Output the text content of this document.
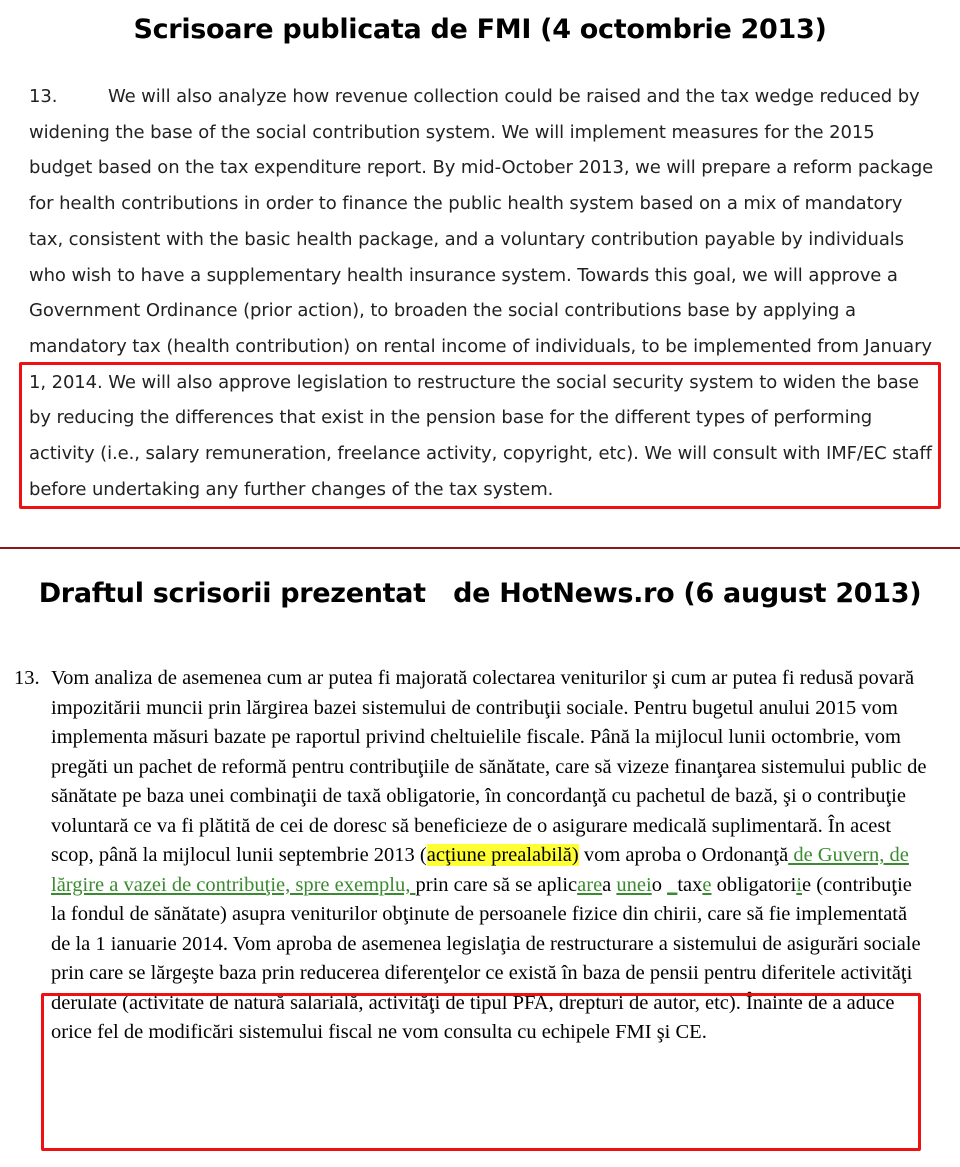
Scrisoare publicata de FMI (4 octombrie 2013)

13.	We will also analyze how revenue collection could be raised and the tax wedge reduced by widening the base of the social contribution system. We will implement measures for the 2015 budget based on the tax expenditure report. By mid-October 2013, we will prepare a reform package for health contributions in order to finance the public health system based on a mix of mandatory tax, consistent with the basic health package, and a voluntary contribution payable by individuals who wish to have a supplementary health insurance system. Towards this goal, we will approve a Government Ordinance (prior action), to broaden the social contributions base by applying a mandatory tax (health contribution) on rental income of individuals, to be implemented from January 1, 2014. We will also approve legislation to restructure the social security system to widen the base by reducing the differences that exist in the pension base for the different types of performing activity (i.e., salary remuneration, freelance activity, copyright, etc). We will consult with IMF/EC staff before undertaking any further changes of the tax system.

Draftul scrisorii prezentat   de HotNews.ro (6 august 2013)
13. Vom analiza de asemenea cum ar putea fi majorată colectarea veniturilor şi cum ar putea fi redusă povară impozitării muncii prin lărgirea bazei sistemului de contribuţii sociale. Pentru bugetul anului 2015 vom implementa măsuri bazate pe raportul privind cheltuielile fiscale. Până la mijlocul lunii octombrie, vom pregăti un pachet de reformă pentru contribuţiile de sănătate, care să vizeze finanţarea sistemului public de sănătate pe baza unei combinaţii de taxă obligatorie, în concordanţă cu pachetul de bază, şi o contribuţie voluntară ce va fi plătită de cei de doresc să beneficieze de o asigurare medicală suplimentară. În acest scop, până la mijlocul lunii septembrie 2013 (acţiune prealabilă) vom aproba o Ordonanţă de Guvern, de lărgire a vazei de contribuţie, spre exemplu, prin care să se aplicarea uneio _taxe obligatoriie (contribuţie la fondul de sănătate) asupra veniturilor obţinute de persoanele fizice din chirii, care să fie implementată de la 1 ianuarie 2014. Vom aproba de asemenea legislaţia de restructurare a sistemului de asigurări sociale prin care se lărgeşte baza prin reducerea diferenţelor ce există în baza de pensii pentru diferitele activităţi derulate (activitate de natură salarială, activităţi de tipul PFA, drepturi de autor, etc). Înainte de a aduce orice fel de modificări sistemului fiscal ne vom consulta cu echipele FMI şi CE.
